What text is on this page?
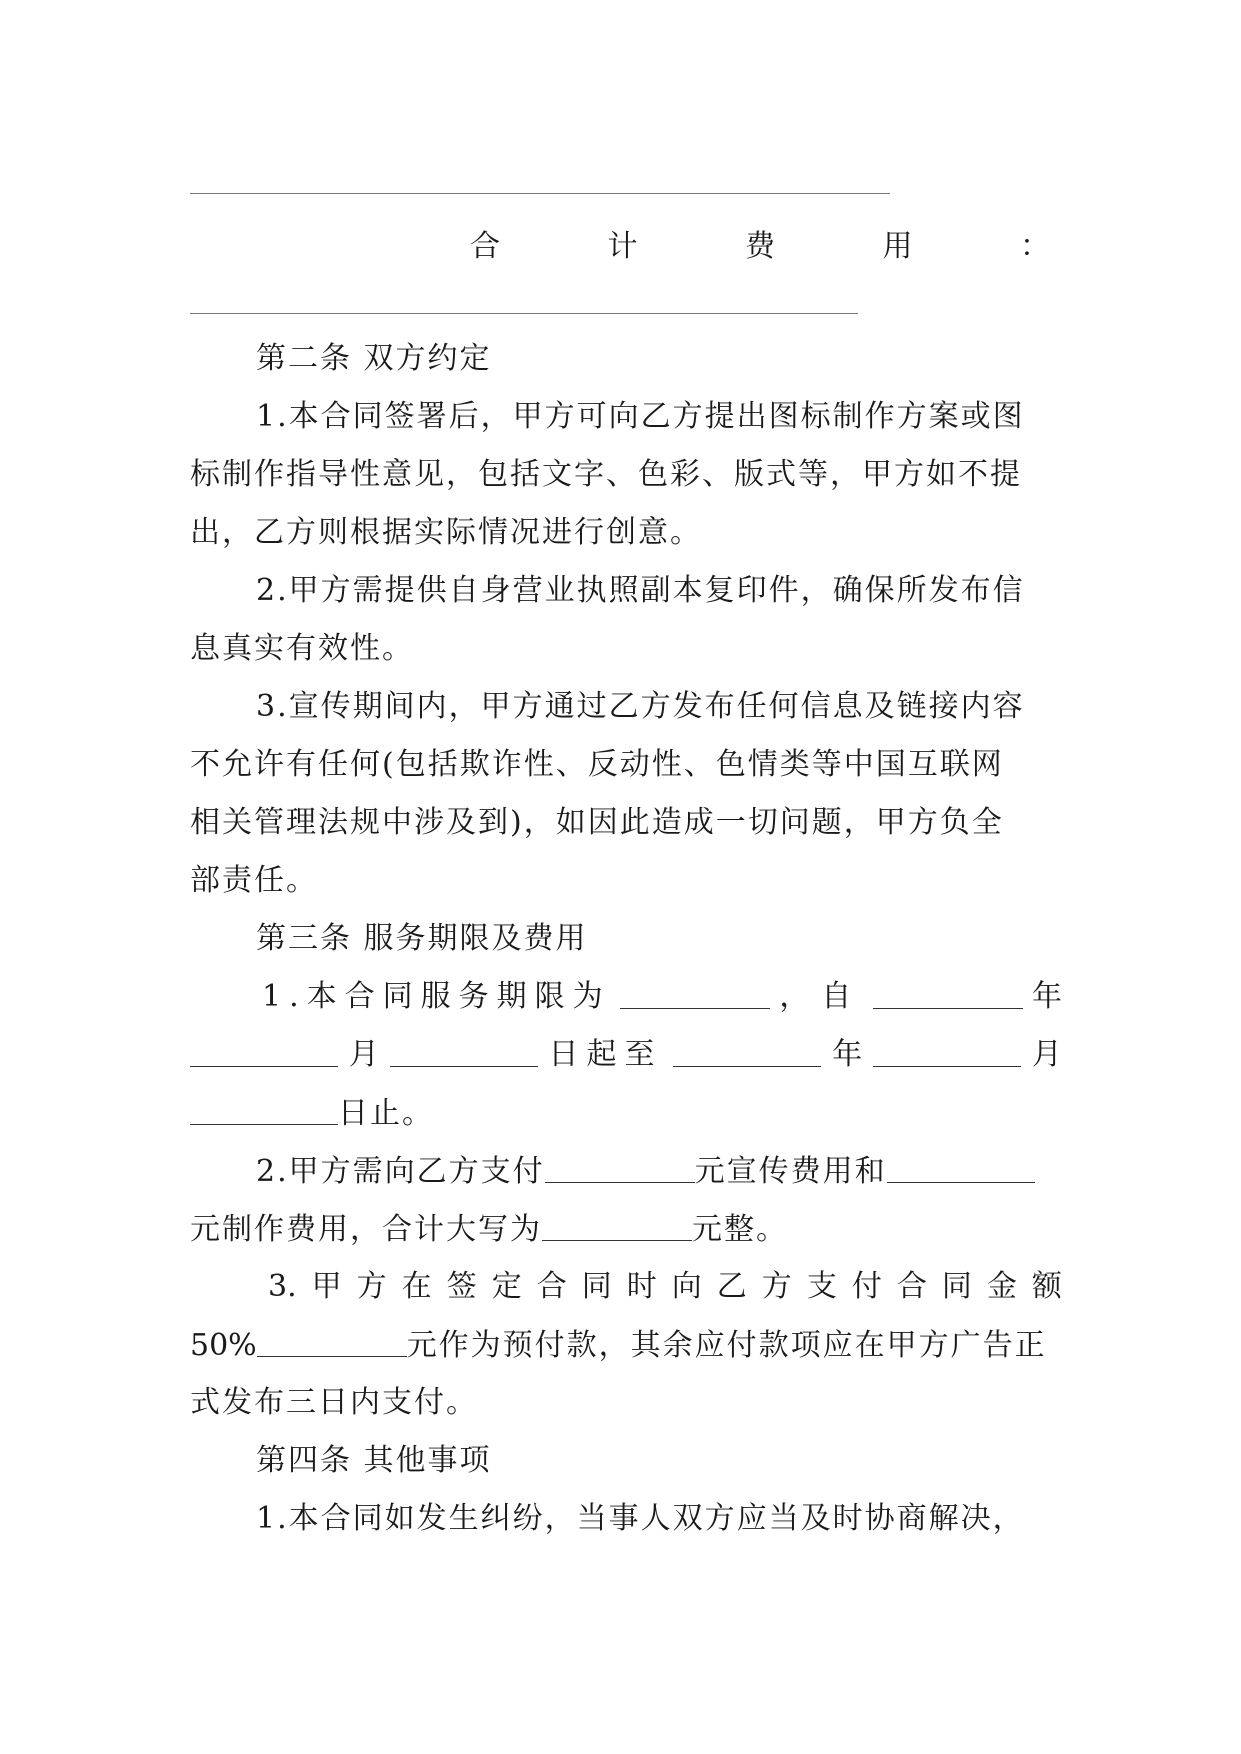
合	计	费	用	：
第二条 双方约定
1.本合同签署后，甲方可向乙方提出图标制作方案或图
标制作指导性意见，包括文字、色彩、版式等，甲方如不提
出，乙方则根据实际情况进行创意。
2.甲方需提供自身营业执照副本复印件，确保所发布信
息真实有效性。
3.宣传期间内，甲方通过乙方发布任何信息及链接内容
不允许有任何(包括欺诈性、反动性、色情类等中国互联网
相关管理法规中涉及到)，如因此造成一切问题，甲方负全
部责任。
第三条 服务期限及费用
1.本合同服务期限为	，自	年
月	日起至	年	月
日止。
2.甲方需向乙方支付	元宣传费用和
元制作费用，合计大写为	元整。
3. 甲 方 在 签 定 合 同 时 向 乙 方 支 付 合 同 金 额
50%	元作为预付款，其余应付款项应在甲方广告正
式发布三日内支付。
第四条 其他事项
1.本合同如发生纠纷，当事人双方应当及时协商解决，
